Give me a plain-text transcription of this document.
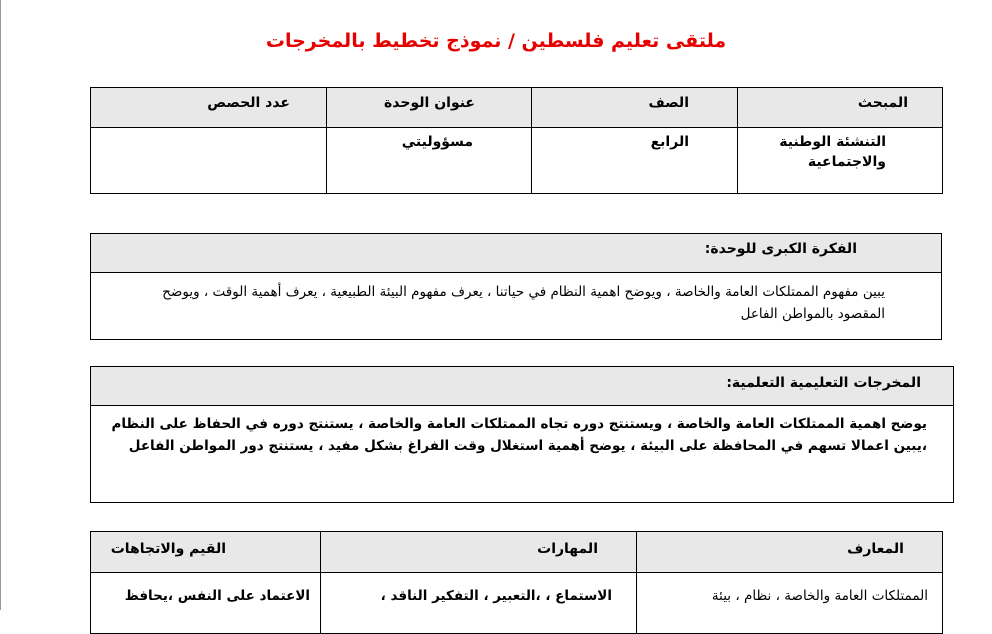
ملتقى تعليم فلسطين / نموذج تخطيط بالمخرجات
المبحث	الصف	عنوان الوحدة	عدد الحصص

التنشئة الوطنية والاجتماعية	الرابع	مسؤوليتي	

الفكرة الكبرى للوحدة:

يبين مفهوم الممتلكات العامة والخاصة ، ويوضح اهمية النظام في حياتنا ، يعرف مفهوم البيئة الطبيعية ، يعرف أهمية الوقت ، ويوضح المقصود بالمواطن الفاعل
المخرجات التعليمية التعلمية:

يوضح اهمية الممتلكات العامة والخاصة ، ويستنتج دوره تجاه الممتلكات العامة والخاصة ، يستنتج دوره في الحفاظ على النظام ،يبين اعمالا تسهم في المحافظة على البيئة ، يوضح أهمية استغلال وقت الفراغ بشكل مفيد ، يستنتج دور المواطن الفاعل
المعارف	المهارات	القيم والاتجاهات

الممتلكات العامة والخاصة ، نظام ، بيئة	الاستماع ، ،التعبير ، التفكير الناقد ،	الاعتماد على النفس ،يحافظ
